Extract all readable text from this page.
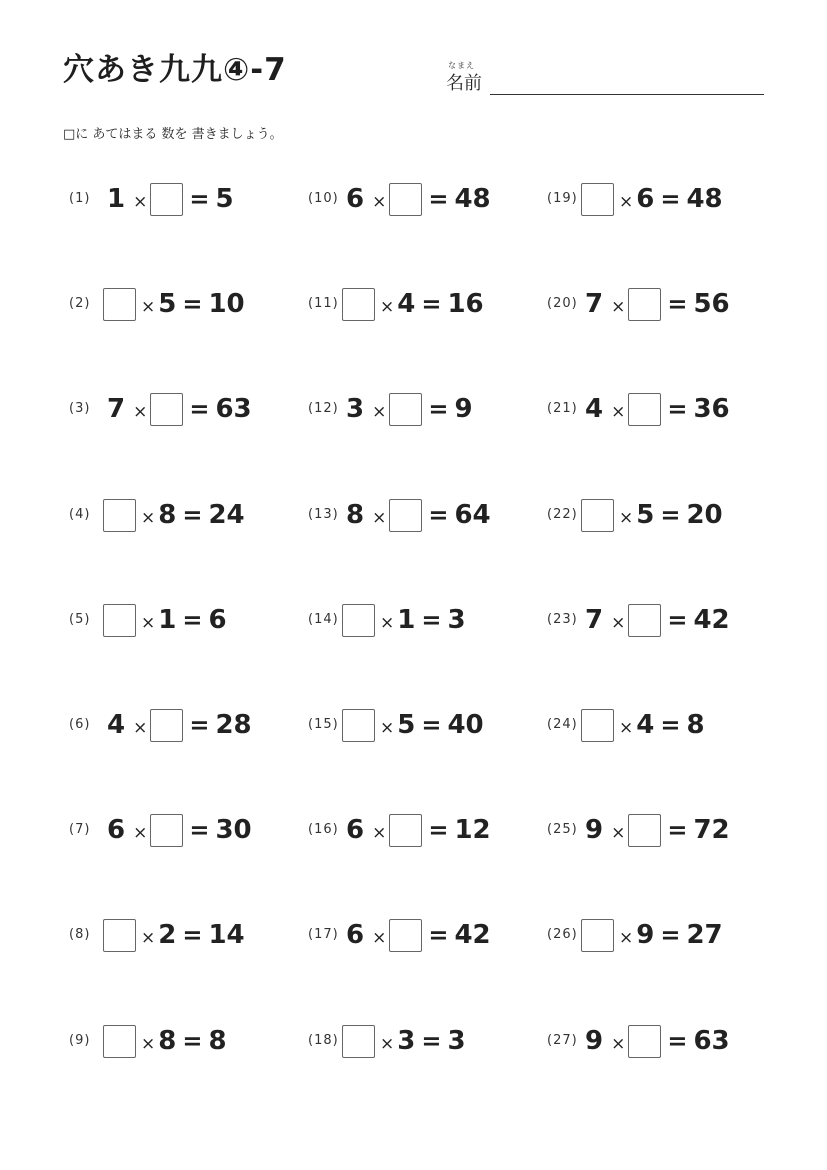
穴あき九九④-7	なまえ
名前
□に あてはまる 数を 書きましょう。
(1) 1 × = 5
(2)	× 5 = 10
(3) 7 × = 63
(4)	× 8 = 24
(5)	× 1 = 6
(6) 4 × = 28
(7) 6 × = 30
(8)	× 2 = 14
(9)	× 8 = 8
(10) 6 × = 48
(11) × 4 = 16
(12) 3 × = 9
(13) 8 × = 64
(14) × 1 = 3
(15) × 5 = 40
(16) 6 × = 12
(17) 6 × = 42
(18) × 3 = 3
(19) × 6 = 48
(20) 7 × = 56
(21) 4 × = 36
(22) × 5 = 20
(23) 7 × = 42
(24) × 4 = 8
(25) 9 × = 72
(26) × 9 = 27
(27) 9 × = 63
